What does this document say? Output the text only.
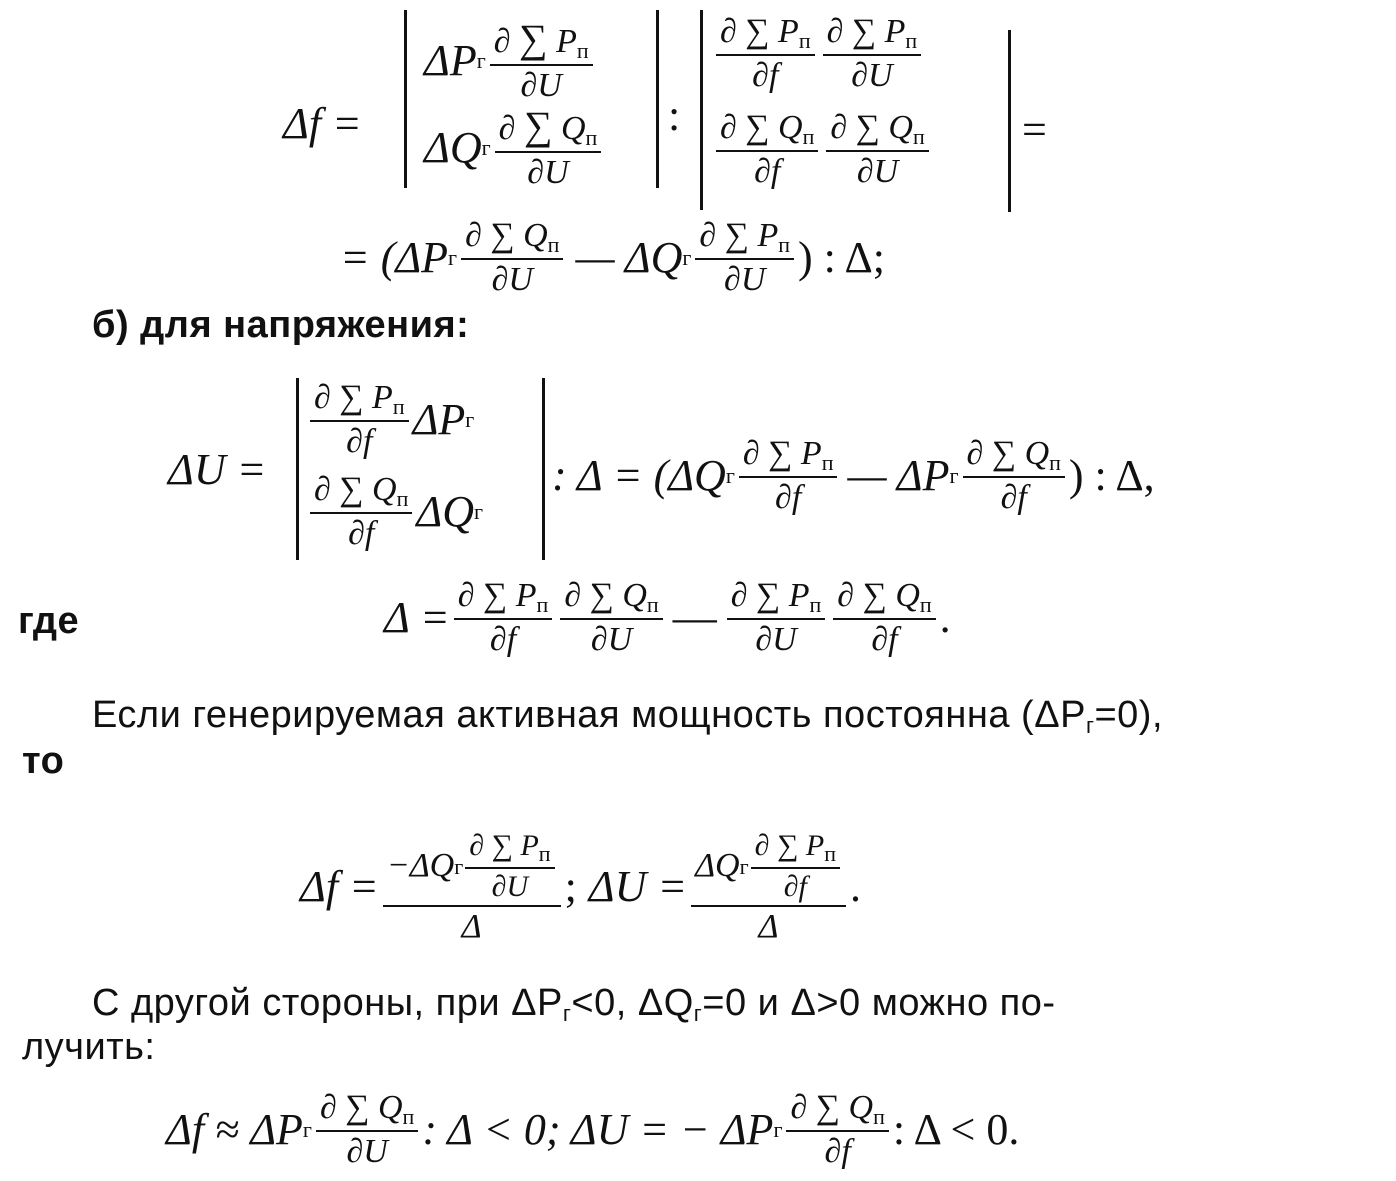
Δf =
ΔP г $\frac{\partial \sum P_п}{\partial U}$
ΔQ г $\frac{\partial \sum Q_п}{\partial U}$ :
$\frac{\partial \sum P_п}{\partial f} \frac{\partial \sum P_п}{\partial U}$
$\frac{\partial \sum Q_п}{\partial f} \frac{\partial \sum Q_п}{\partial U}$ =
= (ΔP г $\frac{\partial \sum Q_п}{\partial U}$ — ΔQ г $\frac{\partial \sum P_п}{\partial U}$ ) : Δ;
б) для напряжения:
ΔU =
$\frac{\partial \sum P_п}{\partial f}$ ΔP г
$\frac{\partial \sum Q_п}{\partial f}$ ΔQ г
: Δ = (ΔQ г $\frac{\partial \sum P_п}{\partial f}$ — ΔP г $\frac{\partial \sum Q_п}{\partial f}$ ) : Δ,
где	$\Delta = \frac{\partial \sum P_п}{\partial f} \frac{\partial \sum Q_п}{\partial U}$ — $\frac{\partial \sum P_п}{\partial U} \frac{\partial \sum Q_п}{\partial f}$ .
Если генерируемая активная мощность постоянна $(\Delta P_г=0)$,
то
$\Delta f = \frac{-\Delta Q г \frac{\partial \sum P_п}{\partial U}}{\Delta}$ ; $\Delta U = \frac{\Delta Q г \frac{\partial \sum P_п}{\partial f}}{\Delta}$ .
С другой стороны, при $\Delta P_г<0$, $\Delta Q_г=0$ и Δ>0 можно по-
лучить:
Δf ≈ ΔP г $\frac{\partial \sum Q_п}{\partial U}$ : Δ < 0; ΔU = − ΔP г $\frac{\partial \sum Q_п}{\partial f}$ : Δ < 0.
